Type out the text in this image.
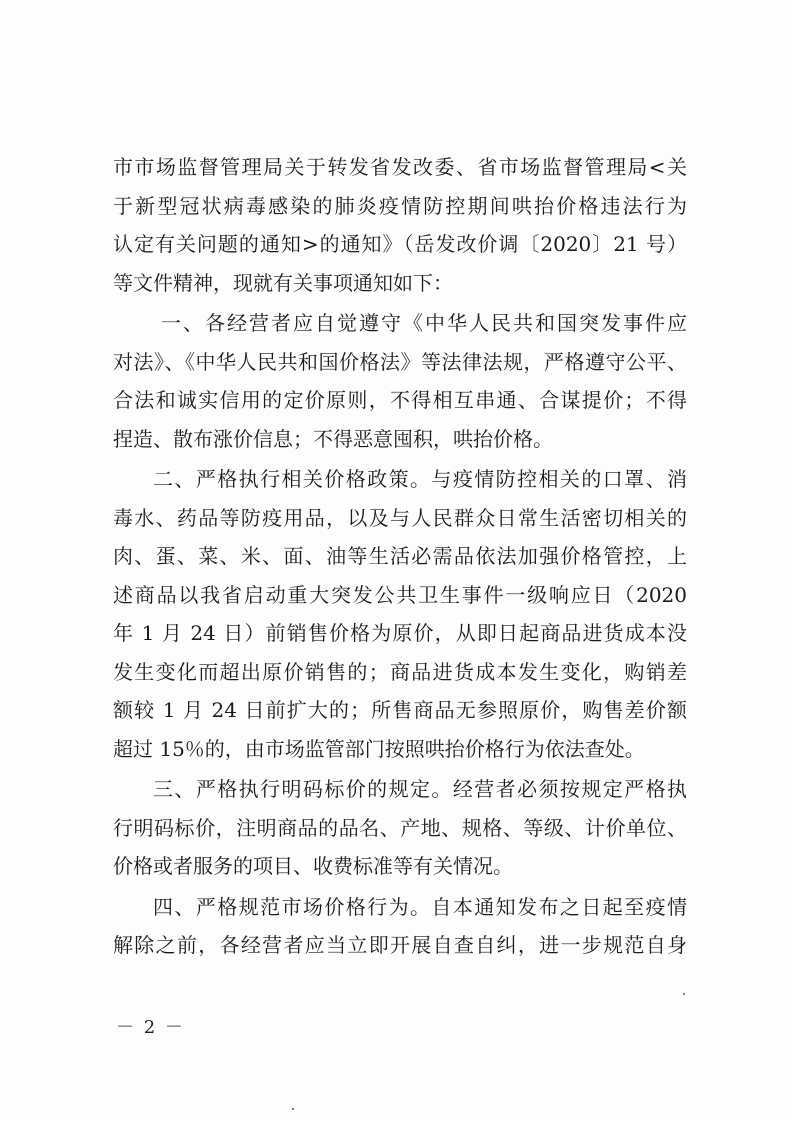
市市场监督管理局关于转发省发改委、省市场监督管理局<关
于新型冠状病毒感染的肺炎疫情防控期间哄抬价格违法行为
认定有关问题的通知>的通知》（岳发改价调〔2020〕21 号）
等文件精神，现就有关事项通知如下：
一、各经营者应自觉遵守《中华人民共和国突发事件应
对法》、《中华人民共和国价格法》等法律法规，严格遵守公平、
合法和诚实信用的定价原则，不得相互串通、合谋提价；不得
捏造、散布涨价信息；不得恶意囤积，哄抬价格。
二、严格执行相关价格政策。与疫情防控相关的口罩、消
毒水、药品等防疫用品，以及与人民群众日常生活密切相关的
肉、蛋、菜、米、面、油等生活必需品依法加强价格管控，上
述商品以我省启动重大突发公共卫生事件一级响应日（2020
年 1 月 24 日）前销售价格为原价，从即日起商品进货成本没
发生变化而超出原价销售的；商品进货成本发生变化，购销差
额较 1 月 24 日前扩大的；所售商品无参照原价，购售差价额
超过 15％的，由市场监管部门按照哄抬价格行为依法查处。
三、严格执行明码标价的规定。经营者必须按规定严格执
行明码标价，注明商品的品名、产地、规格、等级、计价单位、
价格或者服务的项目、收费标准等有关情况。
四、严格规范市场价格行为。自本通知发布之日起至疫情
解除之前，各经营者应当立即开展自查自纠，进一步规范自身
－ 2 －
